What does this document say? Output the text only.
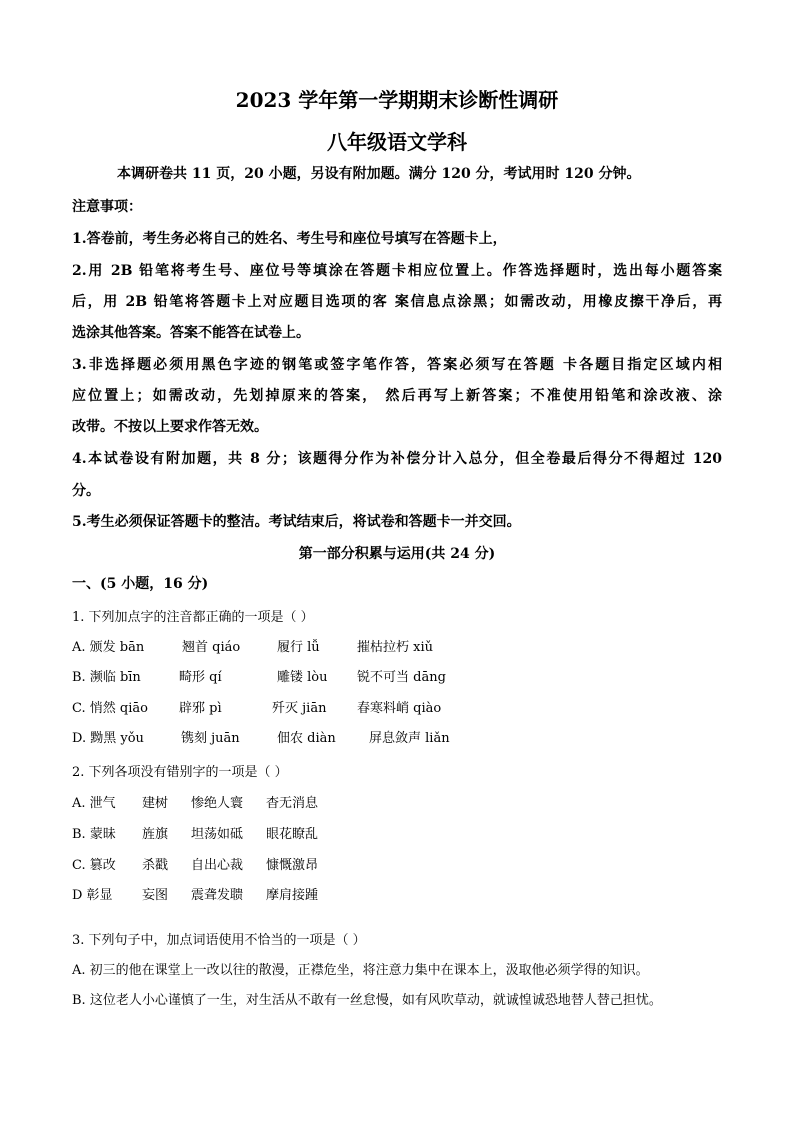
2023 学年第一学期期末诊断性调研
八年级语文学科
本调研卷共 11 页，20 小题，另设有附加题。满分 120 分，考试用时 120 分钟。
注意事项：
1.答卷前，考生务必将自己的姓名、考生号和座位号填写在答题卡上，
2.用 2B 铅笔将考生号、座位号等填涂在答题卡相应位置上。作答选择题时，选出每小题答案
后，用 2B 铅笔将答题卡上对应题目选项的客 案信息点涂黑；如需改动，用橡皮擦干净后，再
选涂其他答案。答案不能答在试卷上。
3.非选择题必须用黑色字迹的钢笔或签字笔作答，答案必须写在答题 卡各题目指定区域内相
应位置上；如需改动，先划掉原来的答案， 然后再写上新答案；不准使用铅笔和涂改液、涂
改带。不按以上要求作答无效。
4.本试卷设有附加题，共 8 分；该题得分作为补偿分计入总分，但全卷最后得分不得超过 120
分。
5.考生必须保证答题卡的整洁。考试结束后，将试卷和答题卡一并交回。
第一部分积累与运用(共 24 分)
一、(5 小题，16 分)
1. 下列加点字的注音都正确的一项是（ ）
A. 颁发 bān	翘首 qiáo	履行 lǚ	摧枯拉朽 xiǔ
B. 濒临 bīn	畸形 qí	雕镂 lòu 锐不可当 dāng
C. 悄然 qiāo 辟邪 pì	歼灭 jiān 春寒料峭 qiào
D. 黝黑 yǒu	镌刻 juān	佃农 diàn	屏息敛声 liǎn
2. 下列各项没有错别字的一项是（ ）
A. 泄气 建树 惨绝人寰 杳无消息
B. 蒙昧 旌旗 坦荡如砥 眼花瞭乱
C. 篡改 杀戳 自出心裁 慷慨激昂
D 彰显 妄图 震聋发聩 摩肩接踵
3. 下列句子中，加点词语使用不恰当的一项是（ ）
A. 初三的他在课堂上一改以往的散漫，正襟危坐，将注意力集中在课本上，汲取他必须学得的知识。
B. 这位老人小心谨慎了一生，对生活从不敢有一丝怠慢，如有风吹草动，就诚惶诚恐地替人替己担忧。
